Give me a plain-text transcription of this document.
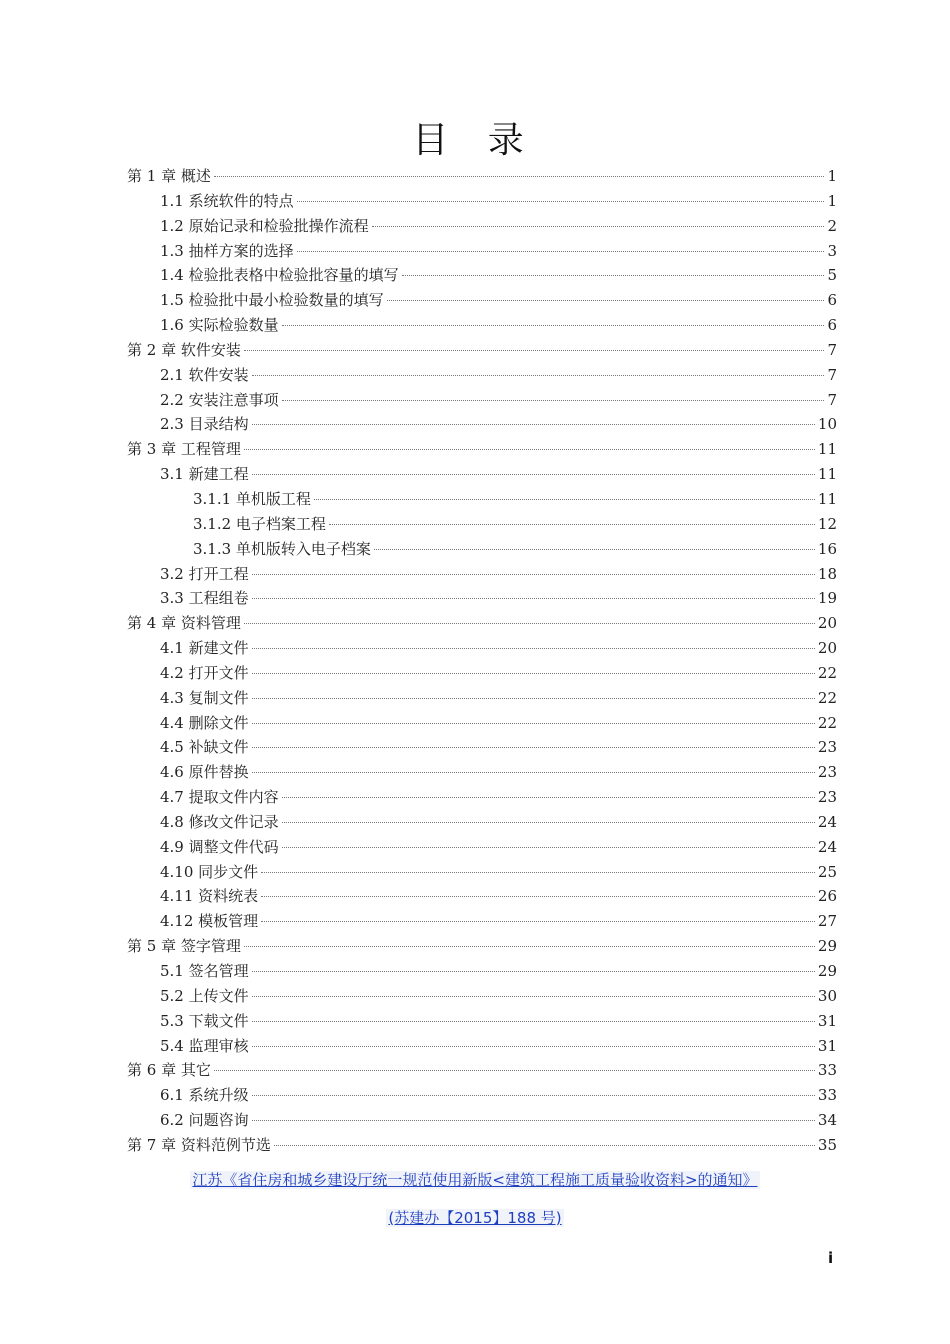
目 录
第 1 章 概述	1
1.1 系统软件的特点	1
1.2 原始记录和检验批操作流程	2
1.3 抽样方案的选择	3
1.4 检验批表格中检验批容量的填写	5
1.5 检验批中最小检验数量的填写	6
1.6 实际检验数量	6
第 2 章 软件安装	7
2.1 软件安装	7
2.2 安装注意事项	7
2.3 目录结构	10
第 3 章 工程管理	11
3.1 新建工程	11
3.1.1 单机版工程	11
3.1.2 电子档案工程	12
3.1.3 单机版转入电子档案	16
3.2 打开工程	18
3.3 工程组卷	19
第 4 章 资料管理	20
4.1 新建文件	20
4.2 打开文件	22
4.3 复制文件	22
4.4 删除文件	22
4.5 补缺文件	23
4.6 原件替换	23
4.7 提取文件内容	23
4.8 修改文件记录	24
4.9 调整文件代码	24
4.10 同步文件	25
4.11 资料统表	26
4.12 模板管理	27
第 5 章 签字管理	29
5.1 签名管理	29
5.2 上传文件	30
5.3 下载文件	31
5.4 监理审核	31
第 6 章 其它	33
6.1 系统升级	33
6.2 问题咨询	34
第 7 章 资料范例节选	35
江苏《省住房和城乡建设厅统一规范使用新版<建筑工程施工质量验收资料>的通知》
(苏建办【2015】188 号)
i
